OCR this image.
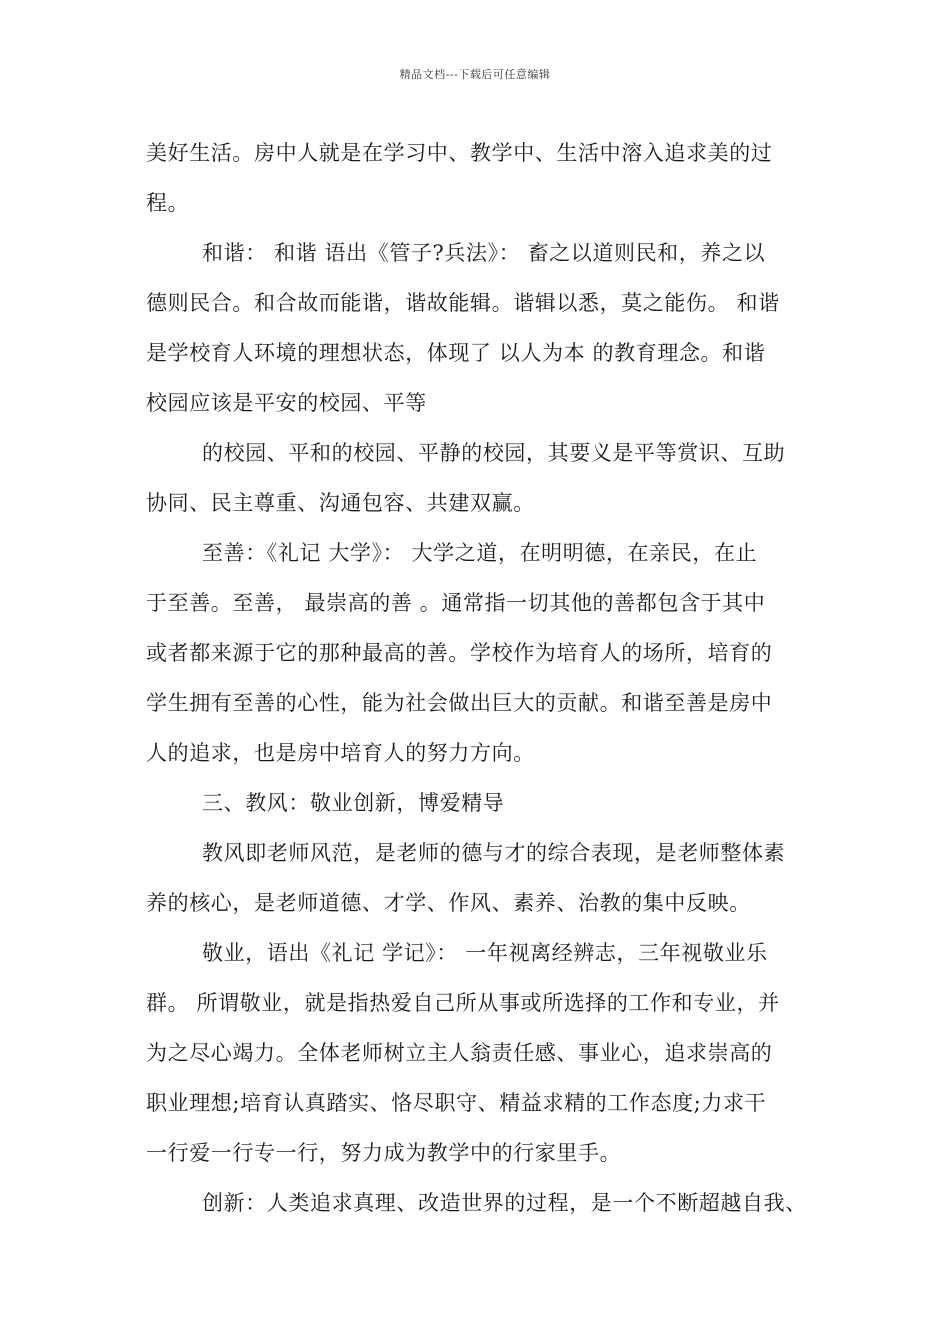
精品文档---下载后可任意编辑
美好生活。房中人就是在学习中、教学中、生活中溶入追求美的过
程。
和谐： 和谐 语出《管子?兵法》： 畜之以道则民和，养之以
德则民合。和合故而能谐，谐故能辑。谐辑以悉，莫之能伤。 和谐
是学校育人环境的理想状态，体现了 以人为本 的教育理念。和谐
校园应该是平安的校园、平等
的校园、平和的校园、平静的校园，其要义是平等赏识、互助
协同、民主尊重、沟通包容、共建双赢。
至善：《礼记 大学》： 大学之道，在明明德，在亲民，在止
于至善。至善， 最崇高的善 。通常指一切其他的善都包含于其中
或者都来源于它的那种最高的善。学校作为培育人的场所，培育的
学生拥有至善的心性，能为社会做出巨大的贡献。和谐至善是房中
人的追求，也是房中培育人的努力方向。
三、教风：敬业创新，博爱精导
教风即老师风范，是老师的德与才的综合表现，是老师整体素
养的核心，是老师道德、才学、作风、素养、治教的集中反映。
敬业，语出《礼记 学记》： 一年视离经辨志，三年视敬业乐
群。 所谓敬业，就是指热爱自己所从事或所选择的工作和专业，并
为之尽心竭力。全体老师树立主人翁责任感、事业心，追求崇高的
职业理想;培育认真踏实、恪尽职守、精益求精的工作态度;力求干
一行爱一行专一行，努力成为教学中的行家里手。
创新：人类追求真理、改造世界的过程，是一个不断超越自我、
